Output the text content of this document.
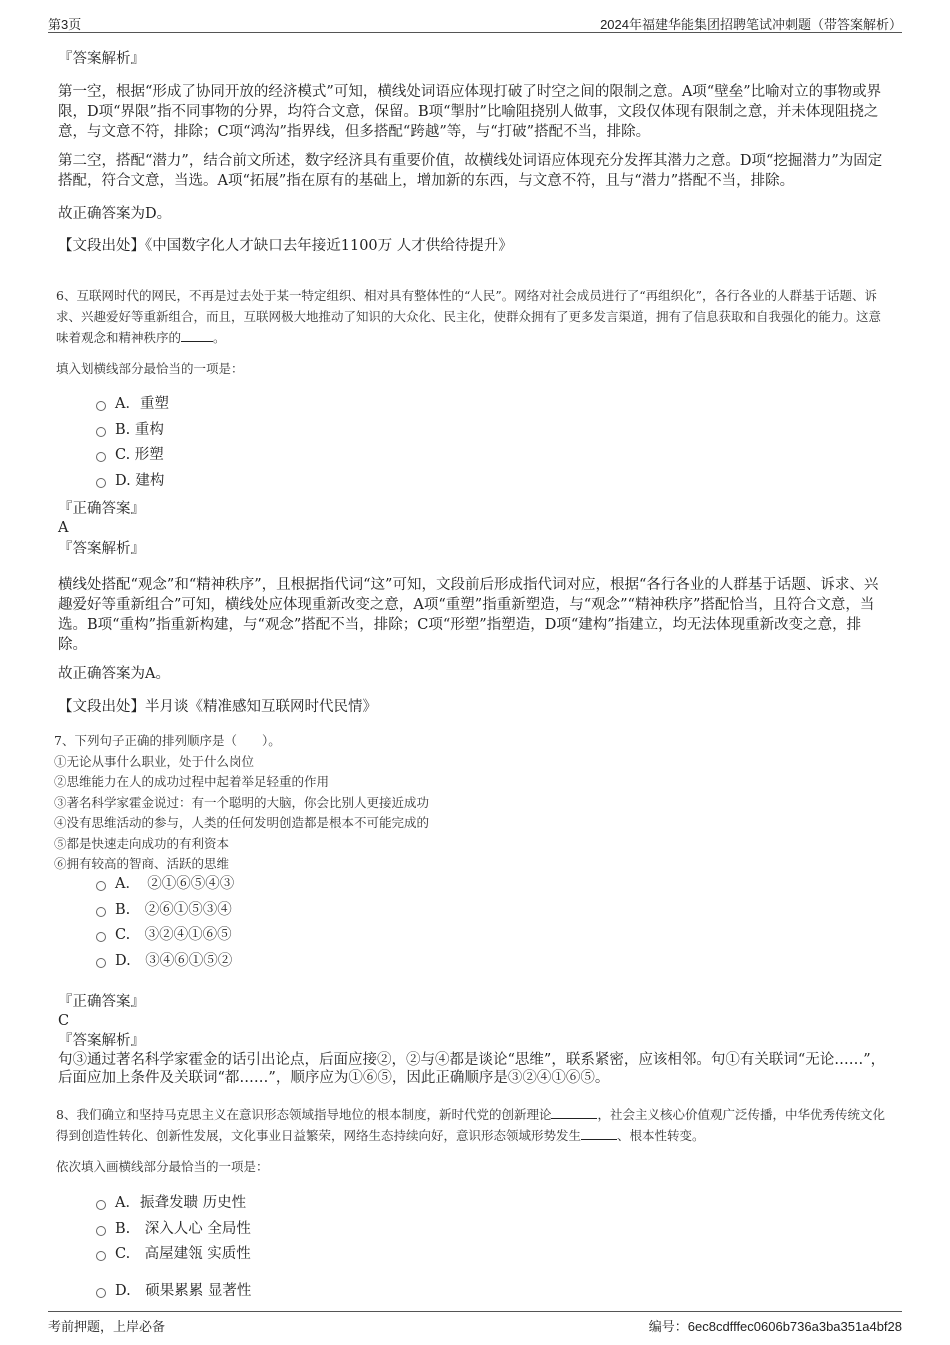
第3页	2024年福建华能集团招聘笔试冲刺题（带答案解析）
『答案解析』
第一空，根据“形成了协同开放的经济模式”可知，横线处词语应体现打破了时空之间的限制之意。A项“壁垒”比喻对立的事物或界限，D项“界限”指不同事物的分界，均符合文意，保留。B项“掣肘”比喻阻挠别人做事，文段仅体现有限制之意，并未体现阻挠之意，与文意不符，排除；C项“鸿沟”指界线，但多搭配“跨越”等，与“打破”搭配不当，排除。
第二空，搭配“潜力”，结合前文所述，数字经济具有重要价值，故横线处词语应体现充分发挥其潜力之意。D项“挖掘潜力”为固定搭配，符合文意，当选。A项“拓展”指在原有的基础上，增加新的东西，与文意不符，且与“潜力”搭配不当，排除。
故正确答案为D。
【文段出处】《中国数字化人才缺口去年接近1100万 人才供给待提升》
6、互联网时代的网民，不再是过去处于某一特定组织、相对具有整体性的“人民”。网络对社会成员进行了“再组织化”，各行各业的人群基于话题、诉求、兴趣爱好等重新组合，而且，互联网极大地推动了知识的大众化、民主化，使群众拥有了更多发言渠道，拥有了信息获取和自我强化的能力。这意味着观念和精神秩序的	。
填入划横线部分最恰当的一项是：
A．重塑
B. 重构
C. 形塑
D. 建构
『正确答案』
A
『答案解析』
横线处搭配“观念”和“精神秩序”，且根据指代词“这”可知，文段前后形成指代词对应，根据“各行各业的人群基于话题、诉求、兴趣爱好等重新组合”可知，横线处应体现重新改变之意，A项“重塑”指重新塑造，与“观念”“精神秩序”搭配恰当，且符合文意，当选。B项“重构”指重新构建，与“观念”搭配不当，排除；C项“形塑”指塑造，D项“建构”指建立，均无法体现重新改变之意，排除。
故正确答案为A。
【文段出处】半月谈《精准感知互联网时代民情》
7、下列句子正确的排列顺序是（　　）。
①无论从事什么职业，处于什么岗位
②思维能力在人的成功过程中起着举足轻重的作用
③著名科学家霍金说过：有一个聪明的大脑，你会比别人更接近成功
④没有思维活动的参与，人类的任何发明创造都是根本不可能完成的
⑤都是快速走向成功的有利资本
⑥拥有较高的智商、活跃的思维
A．　②①⑥⑤④③
B.　②⑥①⑤③④
C.　③②④①⑥⑤
D.　③④⑥①⑤②
『正确答案』
C
『答案解析』
句③通过著名科学家霍金的话引出论点，后面应接②，②与④都是谈论“思维”，联系紧密，应该相邻。句①有关联词“无论……”，后面应加上条件及关联词“都……”，顺序应为①⑥⑤，因此正确顺序是③②④①⑥⑤。
8、我们确立和坚持马克思主义在意识形态领域指导地位的根本制度，新时代党的创新理论	，社会主义核心价值观广泛传播，中华优秀传统文化得到创造性转化、创新性发展，文化事业日益繁荣，网络生态持续向好，意识形态领域形势发生	、根本性转变。
依次填入画横线部分最恰当的一项是：
A．振聋发聩 历史性
B.　深入人心 全局性
C.　高屋建瓴 实质性
D.　硕果累累 显著性
考前押题，上岸必备	编号：6ec8cdfffec0606b736a3ba351a4bf28
